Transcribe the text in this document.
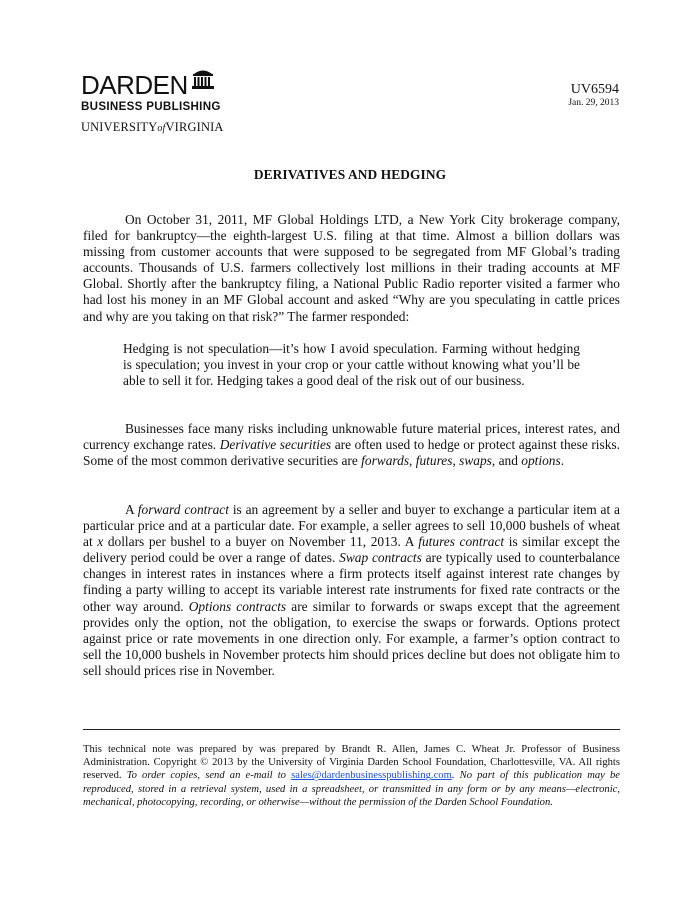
DARDEN
BUSINESS PUBLISHING
UNIVERSITYofVIRGINIA
UV6594
Jan. 29, 2013
DERIVATIVES AND HEDGING

On October 31, 2011, MF Global Holdings LTD, a New York City brokerage company, filed for bankruptcy—the eighth-largest U.S. filing at that time. Almost a billion dollars was missing from customer accounts that were supposed to be segregated from MF Global’s trading accounts. Thousands of U.S. farmers collectively lost millions in their trading accounts at MF Global. Shortly after the bankruptcy filing, a National Public Radio reporter visited a farmer who had lost his money in an MF Global account and asked “Why are you speculating in cattle prices and why are you taking on that risk?” The farmer responded:

Hedging is not speculation—it’s how I avoid speculation. Farming without hedging is speculation; you invest in your crop or your cattle without knowing what you’ll be able to sell it for. Hedging takes a good deal of the risk out of our business.

Businesses face many risks including unknowable future material prices, interest rates, and currency exchange rates. Derivative securities are often used to hedge or protect against these risks. Some of the most common derivative securities are forwards, futures, swaps, and options.

A forward contract is an agreement by a seller and buyer to exchange a particular item at a particular price and at a particular date. For example, a seller agrees to sell 10,000 bushels of wheat at x dollars per bushel to a buyer on November 11, 2013. A futures contract is similar except the delivery period could be over a range of dates. Swap contracts are typically used to counterbalance changes in interest rates in instances where a firm protects itself against interest rate changes by finding a party willing to accept its variable interest rate instruments for fixed rate contracts or the other way around. Options contracts are similar to forwards or swaps except that the agreement provides only the option, not the obligation, to exercise the swaps or forwards. Options protect against price or rate movements in one direction only. For example, a farmer’s option contract to sell the 10,000 bushels in November protects him should prices decline but does not obligate him to sell should prices rise in November.

This technical note was prepared by was prepared by Brandt R. Allen, James C. Wheat Jr. Professor of Business Administration. Copyright © 2013 by the University of Virginia Darden School Foundation, Charlottesville, VA. All rights reserved. To order copies, send an e-mail to sales@dardenbusinesspublishing.com. No part of this publication may be reproduced, stored in a retrieval system, used in a spreadsheet, or transmitted in any form or by any means—electronic, mechanical, photocopying, recording, or otherwise—without the permission of the Darden School Foundation.
